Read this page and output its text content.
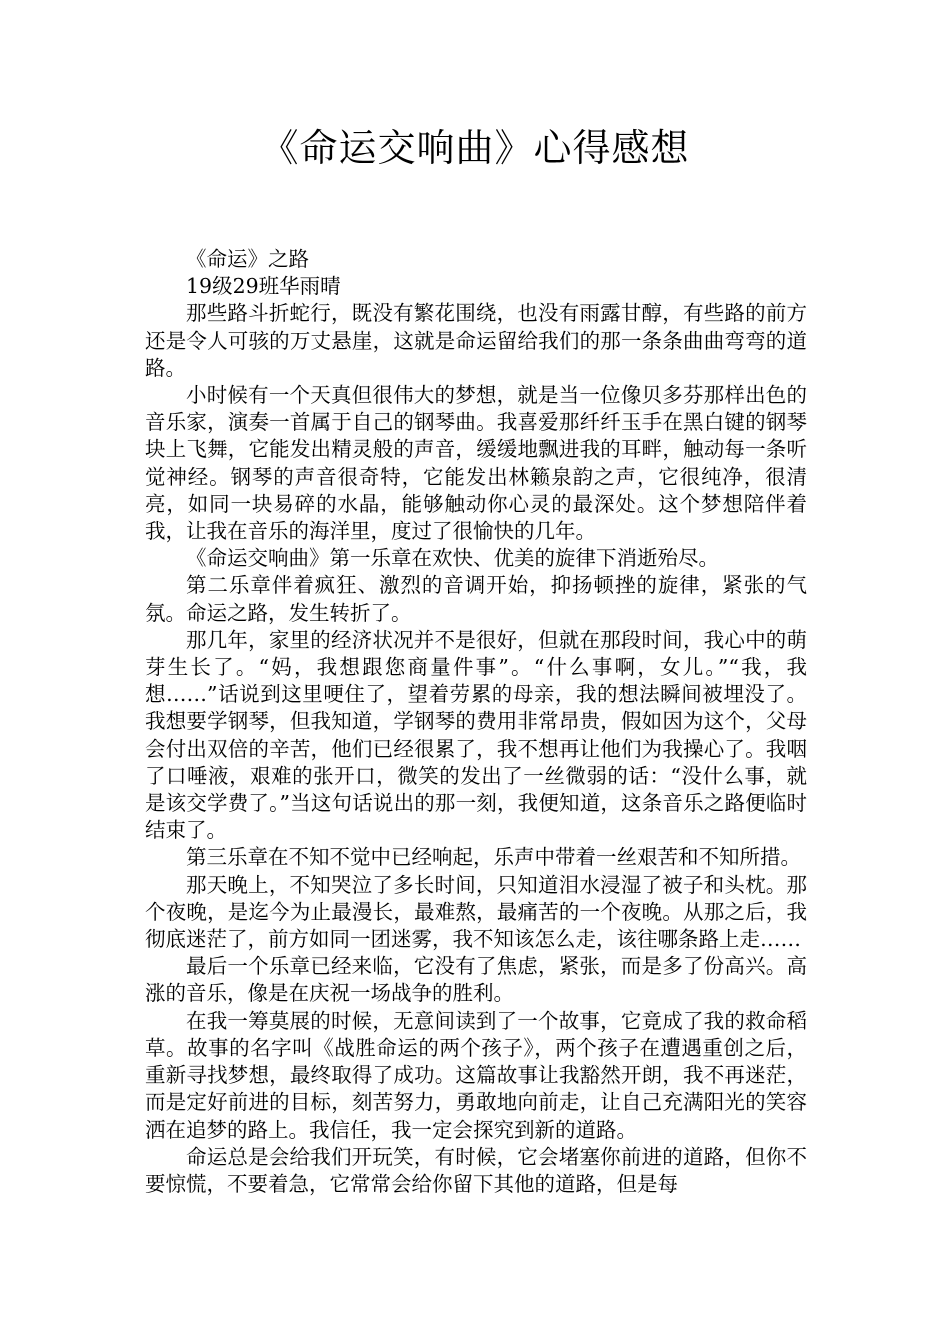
《命运交响曲》心得感想

《命运》之路

19级29班华雨晴

那些路斗折蛇行，既没有繁花围绕，也没有雨露甘醇，有些路的前方还是令人可骇的万丈悬崖，这就是命运留给我们的那一条条曲曲弯弯的道路。

小时候有一个天真但很伟大的梦想，就是当一位像贝多芬那样出色的音乐家，演奏一首属于自己的钢琴曲。我喜爱那纤纤玉手在黑白键的钢琴块上飞舞，它能发出精灵般的声音，缓缓地飘进我的耳畔，触动每一条听觉神经。钢琴的声音很奇特，它能发出林籁泉韵之声，它很纯净，很清亮，如同一块易碎的水晶，能够触动你心灵的最深处。这个梦想陪伴着我，让我在音乐的海洋里，度过了很愉快的几年。

《命运交响曲》第一乐章在欢快、优美的旋律下消逝殆尽。

第二乐章伴着疯狂、激烈的音调开始，抑扬顿挫的旋律，紧张的气氛。命运之路，发生转折了。

那几年，家里的经济状况并不是很好，但就在那段时间，我心中的萌芽生长了。“妈，我想跟您商量件事”。“什么事啊，女儿。”“我，我想……”话说到这里哽住了，望着劳累的母亲，我的想法瞬间被埋没了。我想要学钢琴，但我知道，学钢琴的费用非常昂贵，假如因为这个，父母会付出双倍的辛苦，他们已经很累了，我不想再让他们为我操心了。我咽了口唾液，艰难的张开口，微笑的发出了一丝微弱的话：“没什么事，就是该交学费了。”当这句话说出的那一刻，我便知道，这条音乐之路便临时结束了。

第三乐章在不知不觉中已经响起，乐声中带着一丝艰苦和不知所措。

那天晚上，不知哭泣了多长时间，只知道泪水浸湿了被子和头枕。那个夜晚，是迄今为止最漫长，最难熬，最痛苦的一个夜晚。从那之后，我彻底迷茫了，前方如同一团迷雾，我不知该怎么走，该往哪条路上走……

最后一个乐章已经来临，它没有了焦虑，紧张，而是多了份高兴。高涨的音乐，像是在庆祝一场战争的胜利。

在我一筹莫展的时候，无意间读到了一个故事，它竟成了我的救命稻草。故事的名字叫《战胜命运的两个孩子》，两个孩子在遭遇重创之后，重新寻找梦想，最终取得了成功。这篇故事让我豁然开朗，我不再迷茫，而是定好前进的目标，刻苦努力，勇敢地向前走，让自己充满阳光的笑容洒在追梦的路上。我信任，我一定会探究到新的道路。

命运总是会给我们开玩笑，有时候，它会堵塞你前进的道路，但你不要惊慌，不要着急，它常常会给你留下其他的道路，但是每
